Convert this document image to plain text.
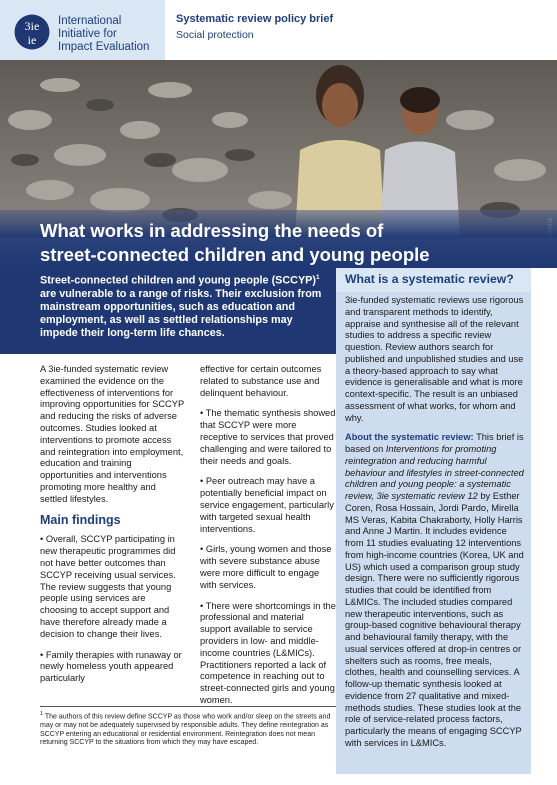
3ie
ie
International
Initiative for
Impact Evaluation
Systematic review policy brief
Social protection
What works in addressing the needs of
street-connected children and young people
Street-connected children and young people (SCCYP)$^1$ are vulnerable to a range of risks. Their exclusion from mainstream opportunities, such as education and employment, as well as settled relationships may impede their long-term life chances.

A 3ie-funded systematic review examined the evidence on the effectiveness of interventions for improving opportunities for SCCYP and reducing the risks of adverse outcomes. Studies looked at interventions to promote access and reintegration into employment, education and training opportunities and interventions promoting more healthy and settled lifestyles.

Main findings

• Overall, SCCYP participating in new therapeutic programmes did not have better outcomes than SCCYP receiving usual services. The review suggests that young people using services are choosing to accept support and have therefore already made a decision to change their lives.

• Family therapies with runaway or newly homeless youth appeared particularly

effective for certain outcomes related to substance use and delinquent behaviour.

• The thematic synthesis showed that SCCYP were more receptive to services that proved challenging and were tailored to their needs and goals.

• Peer outreach may have a potentially beneficial impact on service engagement, particularly with targeted sexual health interventions.

• Girls, young women and those with severe substance abuse were more difficult to engage with services.

• There were shortcomings in the professional and material support available to service providers in low- and middle-income countries (L&MICs). Practitioners reported a lack of competence in reaching out to street-connected girls and young women.

$^1$ The authors of this review define SCCYP as those who work and/or sleep on the streets and may or may not be adequately supervised by responsible adults. They define reintegration as SCCYP entering an educational or residential environment. Reintegration does not mean returning SCCYP to the situations from which they may have escaped.
What is a systematic review?

3ie-funded systematic reviews use rigorous and transparent methods to identify, appraise and synthesise all of the relevant studies to address a specific review question. Review authors search for published and unpublished studies and use a theory-based approach to say what evidence is generalisable and what is more context-specific. The result is an unbiased assessment of what works, for whom and why.

About the systematic review: This brief is based on Interventions for promoting reintegration and reducing harmful behaviour and lifestyles in street-connected children and young people: a systematic review, 3ie systematic review 12 by Esther Coren, Rosa Hossain, Jordi Pardo, Mirella MS Veras, Kabita Chakraborty, Holly Harris and Anne J Martin. It includes evidence from 11 studies evaluating 12 interventions from high-income countries (Korea, UK and US) which used a comparison group study design. There were no sufficiently rigorous studies that could be identified from L&MICs. The included studies compared new therapeutic interventions, such as group-based cognitive behavioural therapy and behavioural family therapy, with the usual services offered at drop-in centres or shelters such as rooms, free meals, clothes, health and counselling services. A follow-up thematic synthesis looked at evidence from 27 qualitative and mixed-methods studies. These studies look at the role of service-related process factors, particularly the means of engaging SCCYP with services in L&MICs.
